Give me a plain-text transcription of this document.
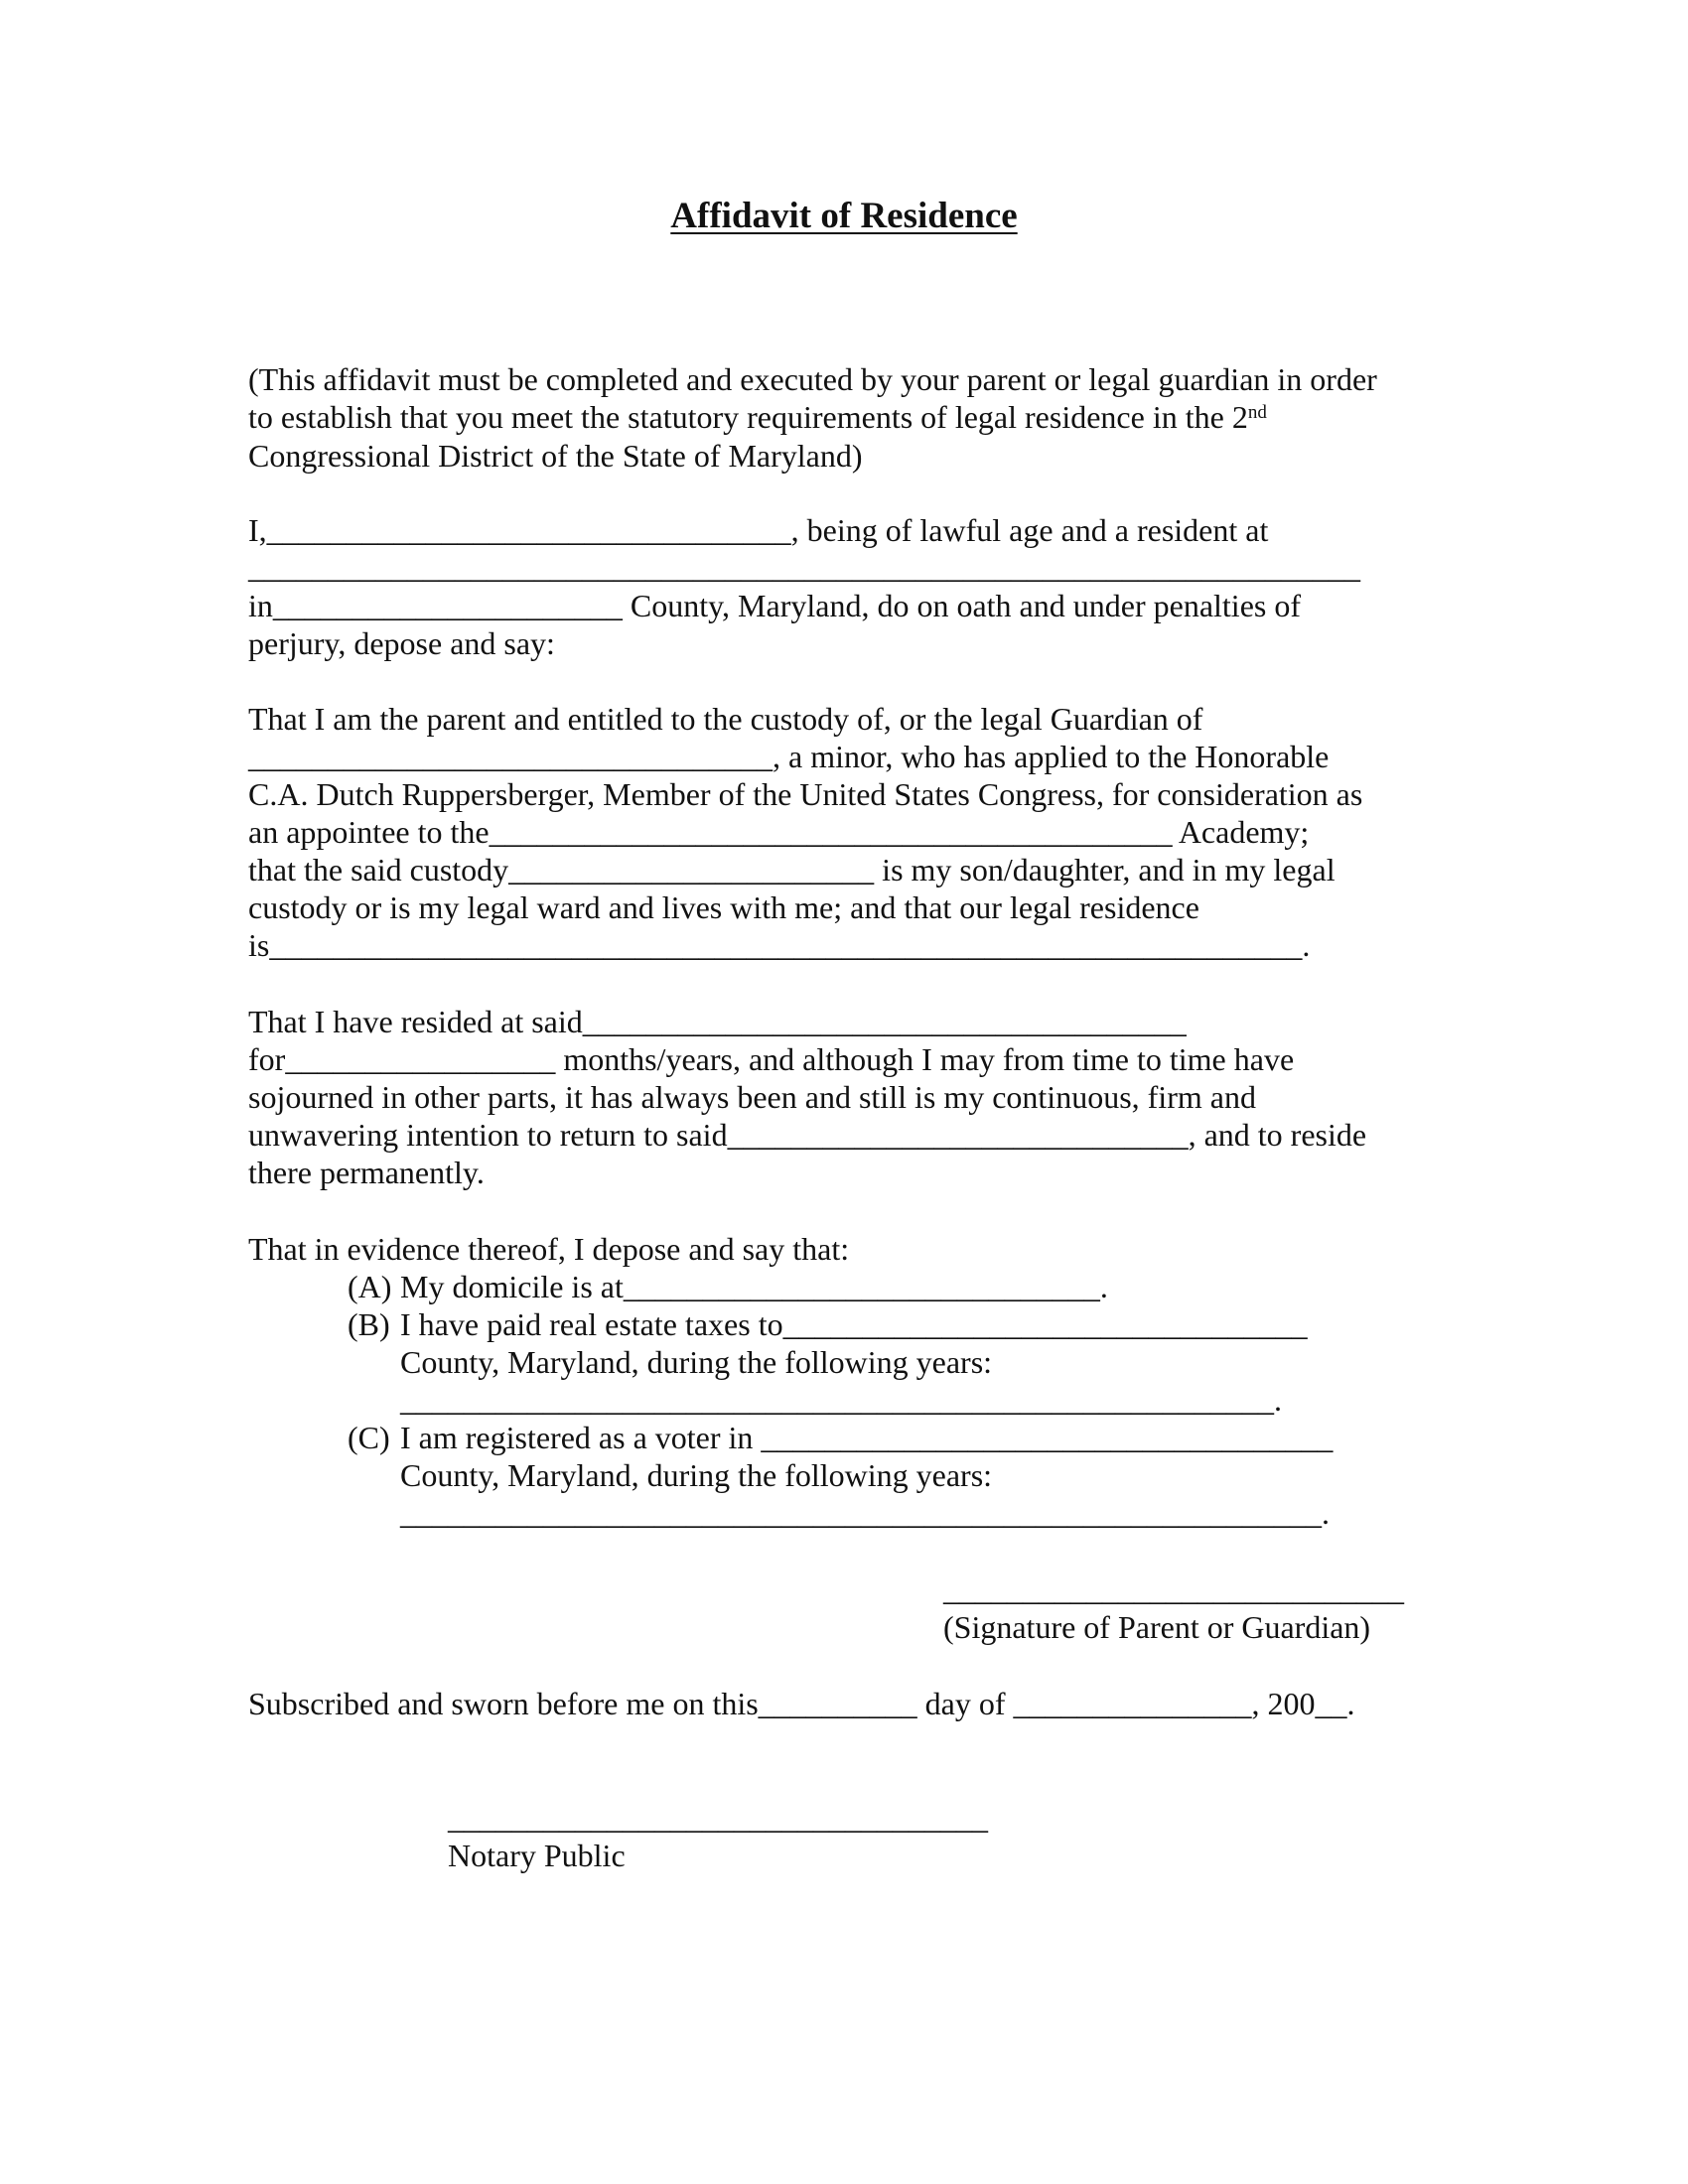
Affidavit of Residence
(This affidavit must be completed and executed by your parent or legal guardian in order
to establish that you meet the statutory requirements of legal residence in the 2nd
Congressional District of the State of Maryland)
I,_________________________________, being of lawful age and a resident at
______________________________________________________________________
in______________________ County, Maryland, do on oath and under penalties of
perjury, depose and say:
That I am the parent and entitled to the custody of, or the legal Guardian of
_________________________________, a minor, who has applied to the Honorable
C.A. Dutch Ruppersberger, Member of the United States Congress, for consideration as
an appointee to the___________________________________________ Academy;
that the said custody_______________________ is my son/daughter, and in my legal
custody or is my legal ward and lives with me; and that our legal residence
is_________________________________________________________________.
That I have resided at said______________________________________
for_________________ months/years, and although I may from time to time have
sojourned in other parts, it has always been and still is my continuous, firm and
unwavering intention to return to said_____________________________, and to reside
there permanently.
That in evidence thereof, I depose and say that:
(A) My domicile is at______________________________.
(B) I have paid real estate taxes to_________________________________
County, Maryland, during the following years:
_______________________________________________________.
(C) I am registered as a voter in ____________________________________
County, Maryland, during the following years:
__________________________________________________________.
_____________________________
(Signature of Parent or Guardian)
Subscribed and sworn before me on this__________ day of _______________, 200__.
__________________________________
Notary Public
